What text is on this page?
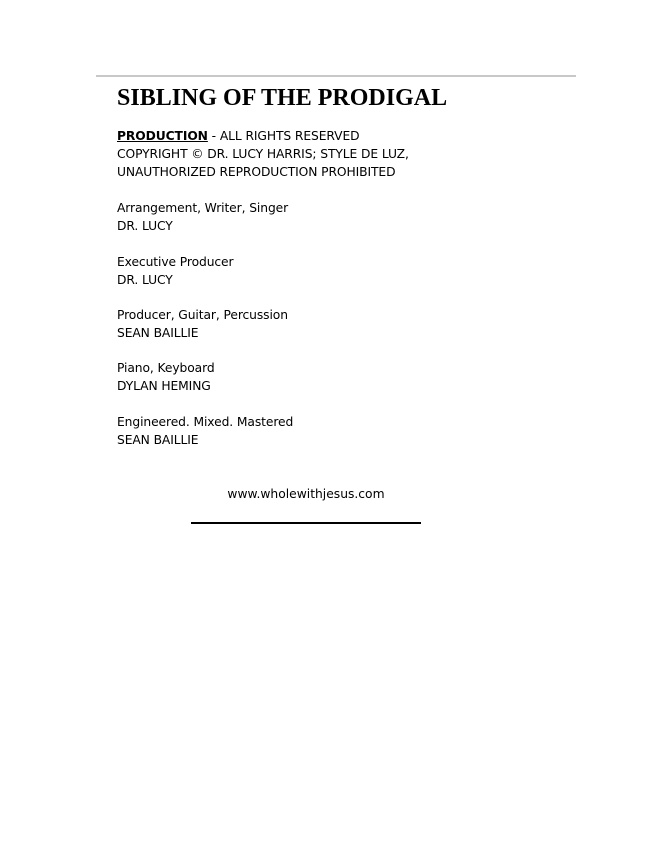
SIBLING OF THE PRODIGAL
PRODUCTION - ALL RIGHTS RESERVED
COPYRIGHT © DR. LUCY HARRIS; STYLE DE LUZ,
UNAUTHORIZED REPRODUCTION PROHIBITED
Arrangement, Writer, Singer
DR. LUCY
Executive Producer
DR. LUCY
Producer, Guitar, Percussion
SEAN BAILLIE
Piano, Keyboard
DYLAN HEMING
Engineered. Mixed. Mastered
SEAN BAILLIE
www.wholewithjesus.com
